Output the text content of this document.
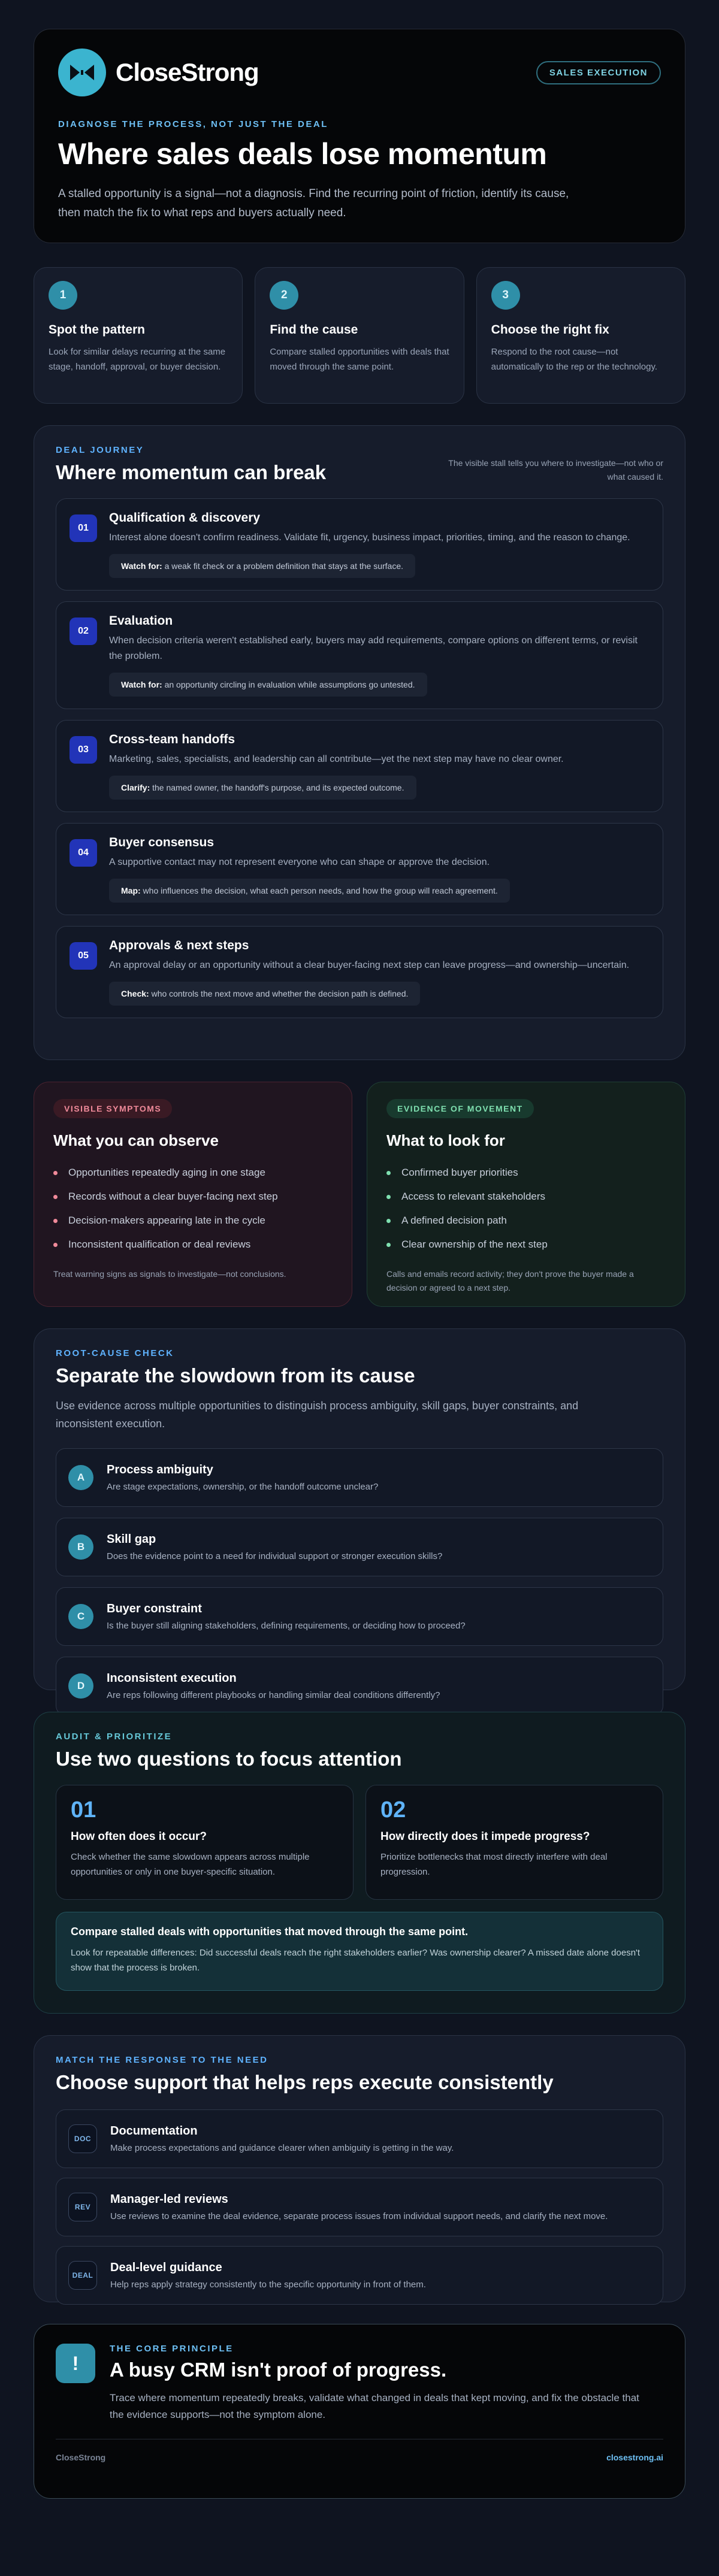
CloseStrong	SALES EXECUTION
DIAGNOSE THE PROCESS, NOT JUST THE DEAL
Where sales deals lose momentum

A stalled opportunity is a signal—not a diagnosis. Find the recurring point of friction, identify its cause, then match the fix to what reps and buyers actually need.

1
Spot the pattern

Look for similar delays recurring at the same stage, handoff, approval, or buyer decision.

2
Find the cause

Compare stalled opportunities with deals that moved through the same point.

3
Choose the right fix

Respond to the root cause—not automatically to the rep or the technology.

DEAL JOURNEY
Where momentum can break	The visible stall tells you where to investigate—not who or what caused it.
01
Qualification & discovery

Interest alone doesn't confirm readiness. Validate fit, urgency, business impact, priorities, timing, and the reason to change.

Watch for: a weak fit check or a problem definition that stays at the surface.
02
Evaluation

When decision criteria weren't established early, buyers may add requirements, compare options on different terms, or revisit the problem.

Watch for: an opportunity circling in evaluation while assumptions go untested.
03
Cross-team handoffs

Marketing, sales, specialists, and leadership can all contribute—yet the next step may have no clear owner.

Clarify: the named owner, the handoff's purpose, and its expected outcome.
04
Buyer consensus

A supportive contact may not represent everyone who can shape or approve the decision.

Map: who influences the decision, what each person needs, and how the group will reach agreement.
05
Approvals & next steps

An approval delay or an opportunity without a clear buyer-facing next step can leave progress—and ownership—uncertain.

Check: who controls the next move and whether the decision path is defined.
VISIBLE SYMPTOMS
What you can observe
Opportunities repeatedly aging in one stage
Records without a clear buyer-facing next step
Decision-makers appearing late in the cycle
Inconsistent qualification or deal reviews
Treat warning signs as signals to investigate—not conclusions.
EVIDENCE OF MOVEMENT
What to look for
Confirmed buyer priorities
Access to relevant stakeholders
A defined decision path
Clear ownership of the next step
Calls and emails record activity; they don't prove the buyer made a decision or agreed to a next step.
ROOT-CAUSE CHECK
Separate the slowdown from its cause
Use evidence across multiple opportunities to distinguish process ambiguity, skill gaps, buyer constraints, and inconsistent execution.
A
Process ambiguity

Are stage expectations, ownership, or the handoff outcome unclear?

B
Skill gap

Does the evidence point to a need for individual support or stronger execution skills?

C
Buyer constraint

Is the buyer still aligning stakeholders, defining requirements, or deciding how to proceed?

D
Inconsistent execution

Are reps following different playbooks or handling similar deal conditions differently?

AUDIT & PRIORITIZE
Use two questions to focus attention
01
How often does it occur?

Check whether the same slowdown appears across multiple opportunities or only in one buyer-specific situation.

02
How directly does it impede progress?

Prioritize bottlenecks that most directly interfere with deal progression.

Compare stalled deals with opportunities that moved through the same point.

Look for repeatable differences: Did successful deals reach the right stakeholders earlier? Was ownership clearer? A missed date alone doesn't show that the process is broken.

MATCH THE RESPONSE TO THE NEED
Choose support that helps reps execute consistently
DOC
Documentation

Make process expectations and guidance clearer when ambiguity is getting in the way.

REV
Manager-led reviews

Use reviews to examine the deal evidence, separate process issues from individual support needs, and clarify the next move.

DEAL
Deal-level guidance

Help reps apply strategy consistently to the specific opportunity in front of them.

!
THE CORE PRINCIPLE
A busy CRM isn't proof of progress.

Trace where momentum repeatedly breaks, validate what changed in deals that kept moving, and fix the obstacle that the evidence supports—not the symptom alone.

CloseStrong	closestrong.ai
